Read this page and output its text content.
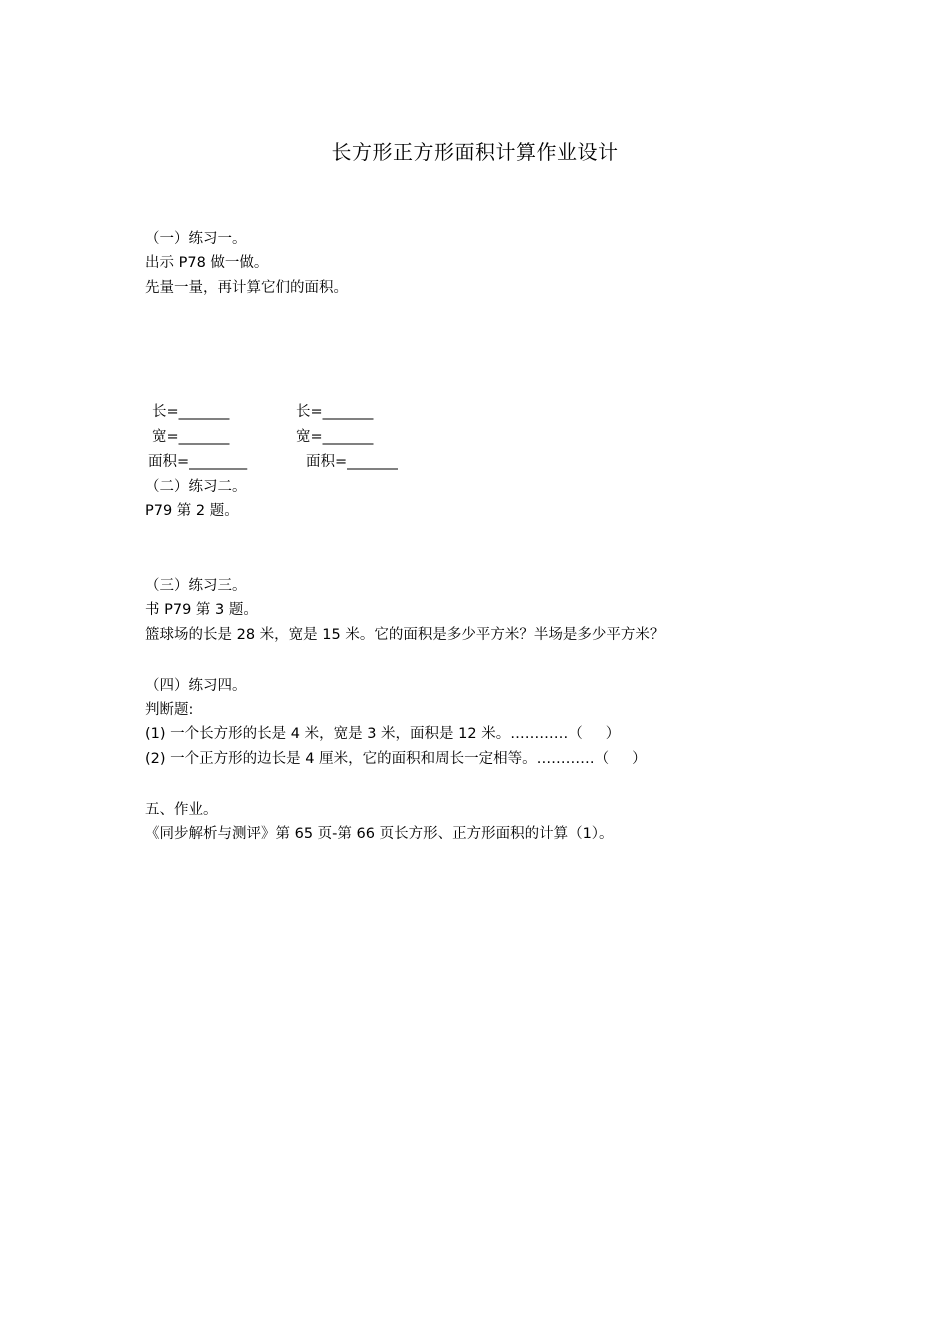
长方形正方形面积计算作业设计
（一）练习一。
出示 P78 做一做。
先量一量，再计算它们的面积。
长=_______	长=_______
宽=_______	宽=_______
面积=________	面积=_______
（二）练习二。
P79 第 2 题。
（三）练习三。
书 P79 第 3 题。
篮球场的长是 28 米，宽是 15 米。它的面积是多少平方米？半场是多少平方米？
（四）练习四。
判断题:
(1) 一个长方形的长是 4 米，宽是 3 米，面积是 12 米。…………（     ）
(2) 一个正方形的边长是 4 厘米，它的面积和周长一定相等。…………（     ）
五、作业。
《同步解析与测评》第 65 页-第 66 页长方形、正方形面积的计算（1）。
